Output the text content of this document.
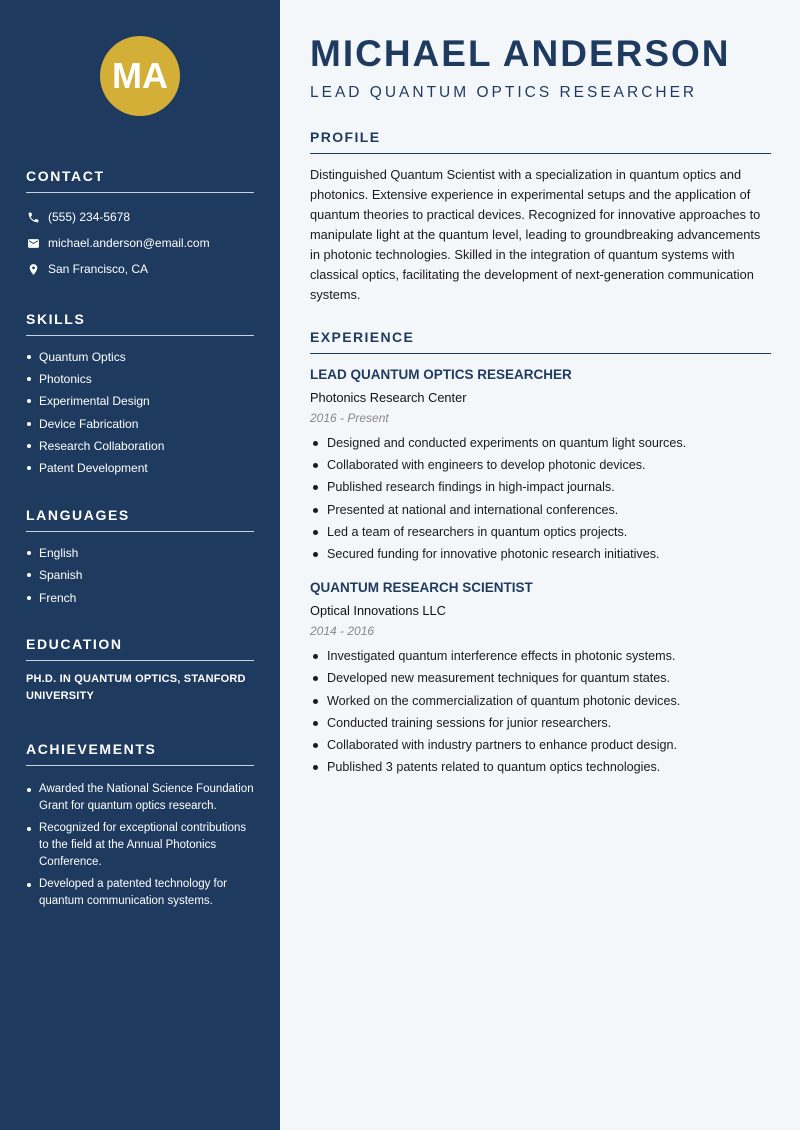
MA
CONTACT
(555) 234-5678
michael.anderson@email.com
San Francisco, CA
SKILLS
Quantum Optics
Photonics
Experimental Design
Device Fabrication
Research Collaboration
Patent Development
LANGUAGES
English
Spanish
French
EDUCATION

PH.D. IN QUANTUM OPTICS, STANFORD UNIVERSITY

ACHIEVEMENTS
Awarded the National Science Foundation Grant for quantum optics research.
Recognized for exceptional contributions to the field at the Annual Photonics Conference.
Developed a patented technology for quantum communication systems.
MICHAEL ANDERSON
LEAD QUANTUM OPTICS RESEARCHER
PROFILE

Distinguished Quantum Scientist with a specialization in quantum optics and photonics. Extensive experience in experimental setups and the application of quantum theories to practical devices. Recognized for innovative approaches to manipulate light at the quantum level, leading to groundbreaking advancements in photonic technologies. Skilled in the integration of quantum systems with classical optics, facilitating the development of next-generation communication systems.

EXPERIENCE
LEAD QUANTUM OPTICS RESEARCHER
Photonics Research Center
2016 - Present
Designed and conducted experiments on quantum light sources.
Collaborated with engineers to develop photonic devices.
Published research findings in high-impact journals.
Presented at national and international conferences.
Led a team of researchers in quantum optics projects.
Secured funding for innovative photonic research initiatives.
QUANTUM RESEARCH SCIENTIST
Optical Innovations LLC
2014 - 2016
Investigated quantum interference effects in photonic systems.
Developed new measurement techniques for quantum states.
Worked on the commercialization of quantum photonic devices.
Conducted training sessions for junior researchers.
Collaborated with industry partners to enhance product design.
Published 3 patents related to quantum optics technologies.
